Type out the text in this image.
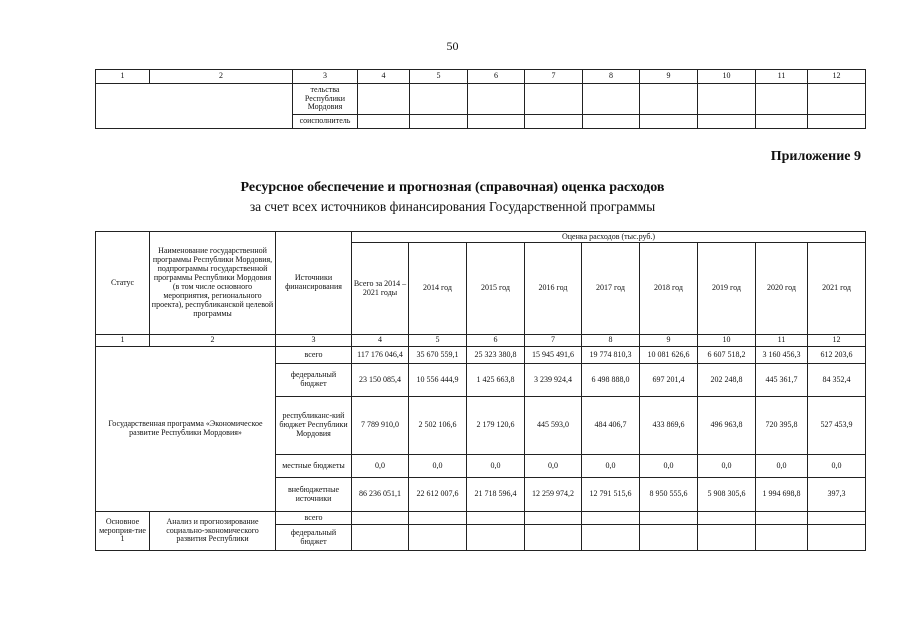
50
1	2	3	4	5	6	7	8	9	10	11	12
		тельства Республики Мордовия									
		соисполнитель									
Приложение 9
Ресурсное обеспечение и прогнозная (справочная) оценка расходов
за счет всех источников финансирования Государственной программы
Статус	Наименование государственной программы Республики Мордовия, подпрограммы государственной программы Республики Мордовия (в том числе основного мероприятия, регионального проекта), республиканской целевой программы	Источники финансирования	Оценка расходов (тыс.руб.)								
			Всего за 2014 – 2021 годы	2014 год	2015 год	2016 год	2017 год	2018 год	2019 год	2020 год	2021 год
1	2	3	4	5	6	7	8	9	10	11	12
Государственная программа «Экономическое развитие Республики Мордовия»		всего	117 176 046,4	35 670 559,1	25 323 380,8	15 945 491,6	19 774 810,3	10 081 626,6	6 607 518,2	3 160 456,3	612 203,6
		федеральный бюджет	23 150 085,4	10 556 444,9	1 425 663,8	3 239 924,4	6 498 888,0	697 201,4	202 248,8	445 361,7	84 352,4
		республиканс-кий бюджет Республики Мордовия	7 789 910,0	2 502 106,6	2 179 120,6	445 593,0	484 406,7	433 869,6	496 963,8	720 395,8	527 453,9
		местные бюджеты	0,0	0,0	0,0	0,0	0,0	0,0	0,0	0,0	0,0
		внебюджетные источники	86 236 051,1	22 612 007,6	21 718 596,4	12 259 974,2	12 791 515,6	8 950 555,6	5 908 305,6	1 994 698,8	397,3
Основное мероприя-тие 1	Анализ и прогнозирование социально-экономического развития Республики	всего									
		федеральный бюджет									
